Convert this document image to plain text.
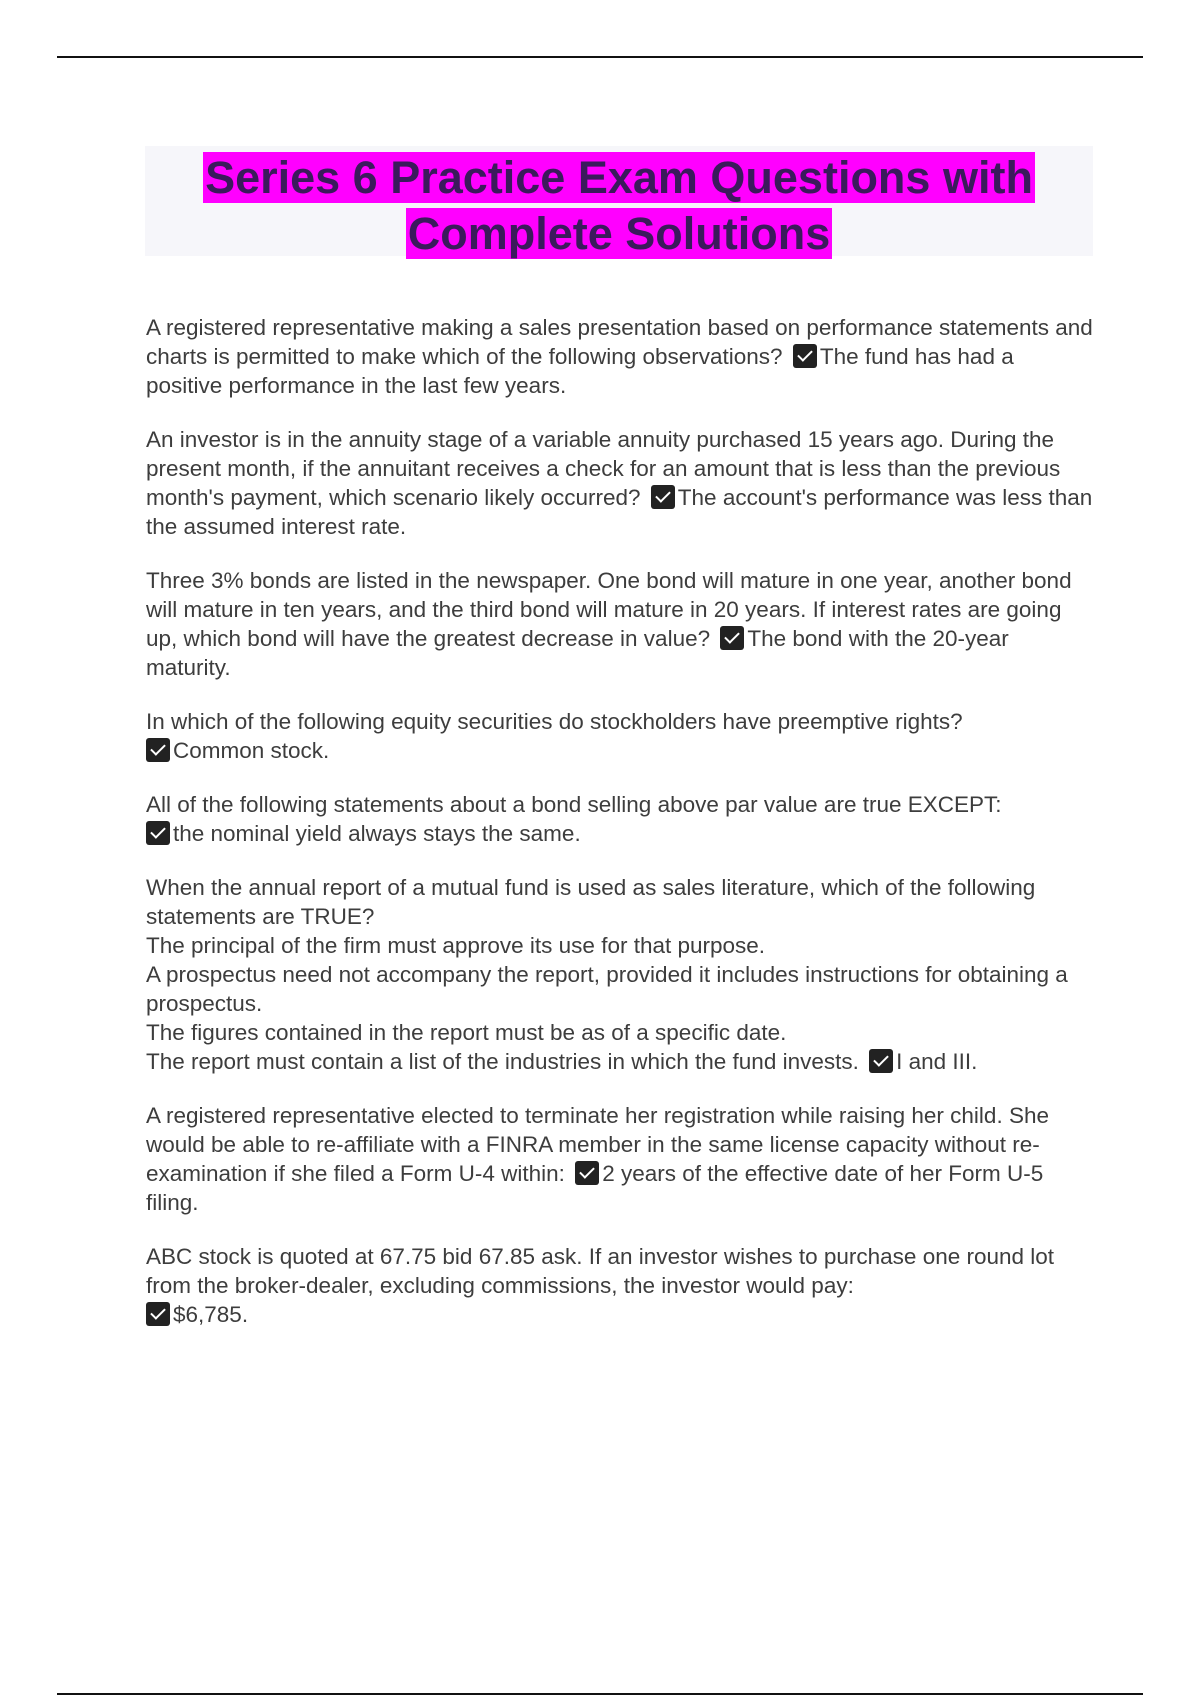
Series 6 Practice Exam Questions with
Complete Solutions

A registered representative making a sales presentation based on performance statements and charts is permitted to make which of the following observations? The fund has had a positive performance in the last few years.

An investor is in the annuity stage of a variable annuity purchased 15 years ago. During the present month, if the annuitant receives a check for an amount that is less than the previous month's payment, which scenario likely occurred? The account's performance was less than the assumed interest rate.

Three 3% bonds are listed in the newspaper. One bond will mature in one year, another bond will mature in ten years, and the third bond will mature in 20 years. If interest rates are going up, which bond will have the greatest decrease in value? The bond with the 20-year maturity.

In which of the following equity securities do stockholders have preemptive rights?
Common stock.

All of the following statements about a bond selling above par value are true EXCEPT:
the nominal yield always stays the same.

When the annual report of a mutual fund is used as sales literature, which of the following statements are TRUE?
The principal of the firm must approve its use for that purpose.
A prospectus need not accompany the report, provided it includes instructions for obtaining a prospectus.
The figures contained in the report must be as of a specific date.
The report must contain a list of the industries in which the fund invests. I and III.

A registered representative elected to terminate her registration while raising her child. She would be able to re-affiliate with a FINRA member in the same license capacity without re-examination if she filed a Form U-4 within: 2 years of the effective date of her Form U-5 filing.

ABC stock is quoted at 67.75 bid 67.85 ask. If an investor wishes to purchase one round lot from the broker-dealer, excluding commissions, the investor would pay:
$6,785.
